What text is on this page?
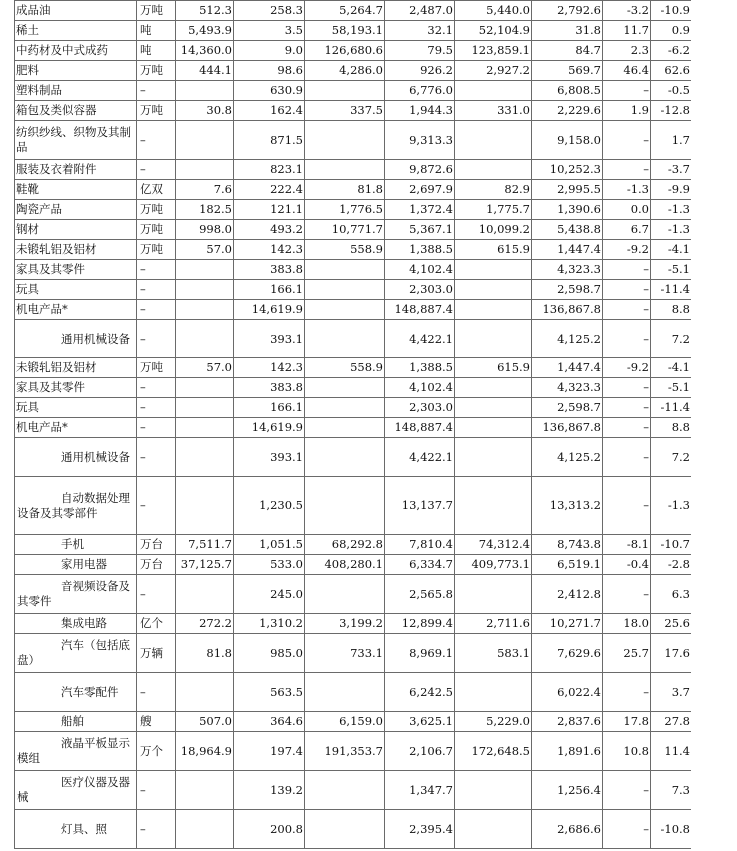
成品油	万吨	512.3	258.3	5,264.7	2,487.0	5,440.0	2,792.6	-3.2	-10.9
稀土	吨	5,493.9	3.5	58,193.1	32.1	52,104.9	31.8	11.7	0.9
中药材及中式成药	吨	14,360.0	9.0	126,680.6	79.5	123,859.1	84.7	2.3	-6.2
肥料	万吨	444.1	98.6	4,286.0	926.2	2,927.2	569.7	46.4	62.6
塑料制品	–		630.9		6,776.0		6,808.5	–	-0.5
箱包及类似容器	万吨	30.8	162.4	337.5	1,944.3	331.0	2,229.6	1.9	-12.8
纺织纱线、织物及其制品	–		871.5		9,313.3		9,158.0	–	1.7
服装及衣着附件	–		823.1		9,872.6		10,252.3	–	-3.7
鞋靴	亿双	7.6	222.4	81.8	2,697.9	82.9	2,995.5	-1.3	-9.9
陶瓷产品	万吨	182.5	121.1	1,776.5	1,372.4	1,775.7	1,390.6	0.0	-1.3
钢材	万吨	998.0	493.2	10,771.7	5,367.1	10,099.2	5,438.8	6.7	-1.3
未锻轧铝及铝材	万吨	57.0	142.3	558.9	1,388.5	615.9	1,447.4	-9.2	-4.1
家具及其零件	–		383.8		4,102.4		4,323.3	–	-5.1
玩具	–		166.1		2,303.0		2,598.7	–	-11.4
机电产品*	–		14,619.9		148,887.4		136,867.8	–	8.8
通用机械设备	–		393.1		4,422.1		4,125.2	–	7.2

未锻轧铝及铝材	万吨	57.0	142.3	558.9	1,388.5	615.9	1,447.4	-9.2	-4.1
家具及其零件	–		383.8		4,102.4		4,323.3	–	-5.1
玩具	–		166.1		2,303.0		2,598.7	–	-11.4
机电产品*	–		14,619.9		148,887.4		136,867.8	–	8.8
通用机械设备	–		393.1		4,422.1		4,125.2	–	7.2
自动数据处理设备及其零部件	–		1,230.5		13,137.7		13,313.2	–	-1.3
手机	万台	7,511.7	1,051.5	68,292.8	7,810.4	74,312.4	8,743.8	-8.1	-10.7
家用电器	万台	37,125.7	533.0	408,280.1	6,334.7	409,773.1	6,519.1	-0.4	-2.8
音视频设备及其零件	–		245.0		2,565.8		2,412.8	–	6.3
集成电路	亿个	272.2	1,310.2	3,199.2	12,899.4	2,711.6	10,271.7	18.0	25.6
汽车（包括底盘）	万辆	81.8	985.0	733.1	8,969.1	583.1	7,629.6	25.7	17.6
汽车零配件	–		563.5		6,242.5		6,022.4	–	3.7
船舶	艘	507.0	364.6	6,159.0	3,625.1	5,229.0	2,837.6	17.8	27.8
液晶平板显示模组	万个	18,964.9	197.4	191,353.7	2,106.7	172,648.5	1,891.6	10.8	11.4
医疗仪器及器械	–		139.2		1,347.7		1,256.4	–	7.3
灯具、照	–		200.8		2,395.4		2,686.6	–	-10.8
